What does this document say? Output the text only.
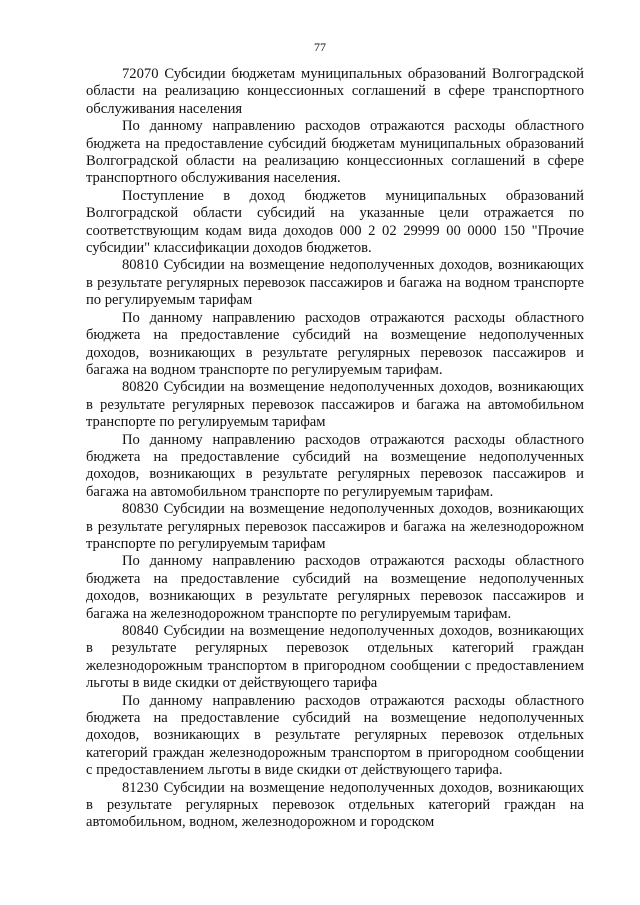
77

72070 Субсидии бюджетам муниципальных образований Волгоградской области на реализацию концессионных соглашений в сфере транспортного обслуживания населения

По данному направлению расходов отражаются расходы областного бюджета на предоставление субсидий бюджетам муниципальных образований Волгоградской области на реализацию концессионных соглашений в сфере транспортного обслуживания населения.

Поступление в доход бюджетов муниципальных образований Волгоградской области субсидий на указанные цели отражается по соответствующим кодам вида доходов 000 2 02 29999 00 0000 150 "Прочие субсидии" классификации доходов бюджетов.

80810 Субсидии на возмещение недополученных доходов, возникающих в результате регулярных перевозок пассажиров и багажа на водном транспорте по регулируемым тарифам

По данному направлению расходов отражаются расходы областного бюджета на предоставление субсидий на возмещение недополученных доходов, возникающих в результате регулярных перевозок пассажиров и багажа на водном транспорте по регулируемым тарифам.

80820 Субсидии на возмещение недополученных доходов, возникающих в результате регулярных перевозок пассажиров и багажа на автомобильном транспорте по регулируемым тарифам

По данному направлению расходов отражаются расходы областного бюджета на предоставление субсидий на возмещение недополученных доходов, возникающих в результате регулярных перевозок пассажиров и багажа на автомобильном транспорте по регулируемым тарифам.

80830 Субсидии на возмещение недополученных доходов, возникающих в результате регулярных перевозок пассажиров и багажа на железнодорожном транспорте по регулируемым тарифам

По данному направлению расходов отражаются расходы областного бюджета на предоставление субсидий на возмещение недополученных доходов, возникающих в результате регулярных перевозок пассажиров и багажа на железнодорожном транспорте по регулируемым тарифам.

80840 Субсидии на возмещение недополученных доходов, возникающих в результате регулярных перевозок отдельных категорий граждан железнодорожным транспортом в пригородном сообщении с предоставлением льготы в виде скидки от действующего тарифа

По данному направлению расходов отражаются расходы областного бюджета на предоставление субсидий на возмещение недополученных доходов, возникающих в результате регулярных перевозок отдельных категорий граждан железнодорожным транспортом в пригородном сообщении с предоставлением льготы в виде скидки от действующего тарифа.

81230 Субсидии на возмещение недополученных доходов, возникающих в результате регулярных перевозок отдельных категорий граждан на автомобильном, водном, железнодорожном и городском
